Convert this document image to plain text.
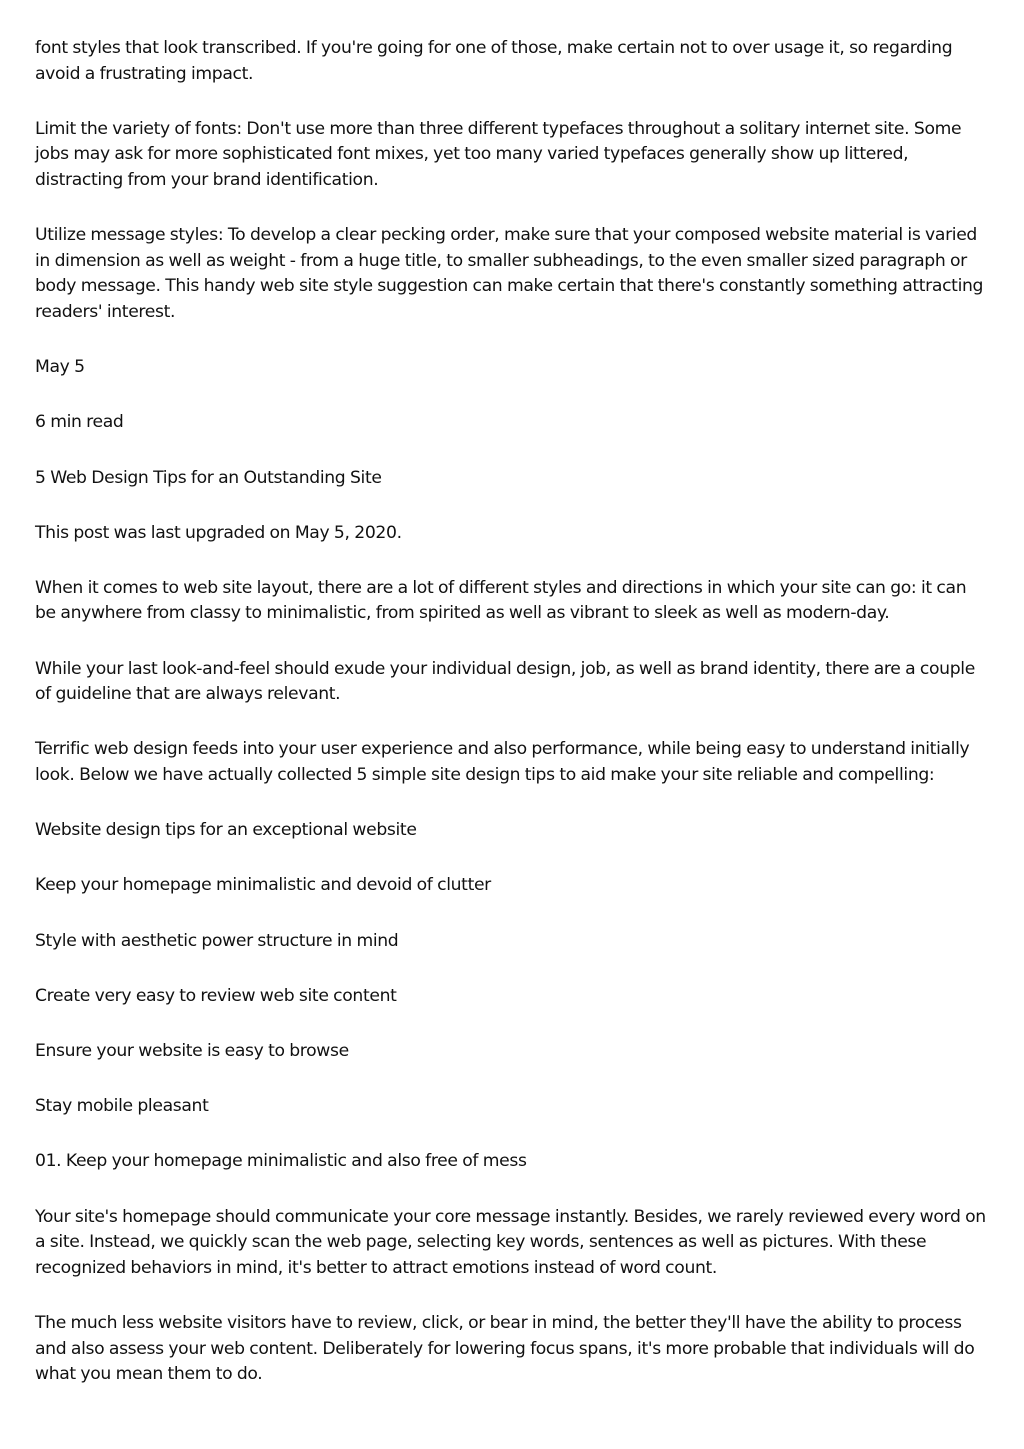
font styles that look transcribed. If you're going for one of those, make certain not to over usage it, so regarding avoid a frustrating impact.

Limit the variety of fonts: Don't use more than three different typefaces throughout a solitary internet site. Some jobs may ask for more sophisticated font mixes, yet too many varied typefaces generally show up littered, distracting from your brand identification.

Utilize message styles: To develop a clear pecking order, make sure that your composed website material is varied in dimension as well as weight - from a huge title, to smaller subheadings, to the even smaller sized paragraph or body message. This handy web site style suggestion can make certain that there's constantly something attracting readers' interest.

May 5

6 min read

5 Web Design Tips for an Outstanding Site

This post was last upgraded on May 5, 2020.

When it comes to web site layout, there are a lot of different styles and directions in which your site can go: it can be anywhere from classy to minimalistic, from spirited as well as vibrant to sleek as well as modern-day.

While your last look-and-feel should exude your individual design, job, as well as brand identity, there are a couple of guideline that are always relevant.

Terrific web design feeds into your user experience and also performance, while being easy to understand initially look. Below we have actually collected 5 simple site design tips to aid make your site reliable and compelling:

Website design tips for an exceptional website

Keep your homepage minimalistic and devoid of clutter

Style with aesthetic power structure in mind

Create very easy to review web site content

Ensure your website is easy to browse

Stay mobile pleasant

01. Keep your homepage minimalistic and also free of mess

Your site's homepage should communicate your core message instantly. Besides, we rarely reviewed every word on a site. Instead, we quickly scan the web page, selecting key words, sentences as well as pictures. With these recognized behaviors in mind, it's better to attract emotions instead of word count.

The much less website visitors have to review, click, or bear in mind, the better they'll have the ability to process and also assess your web content. Deliberately for lowering focus spans, it's more probable that individuals will do what you mean them to do.
